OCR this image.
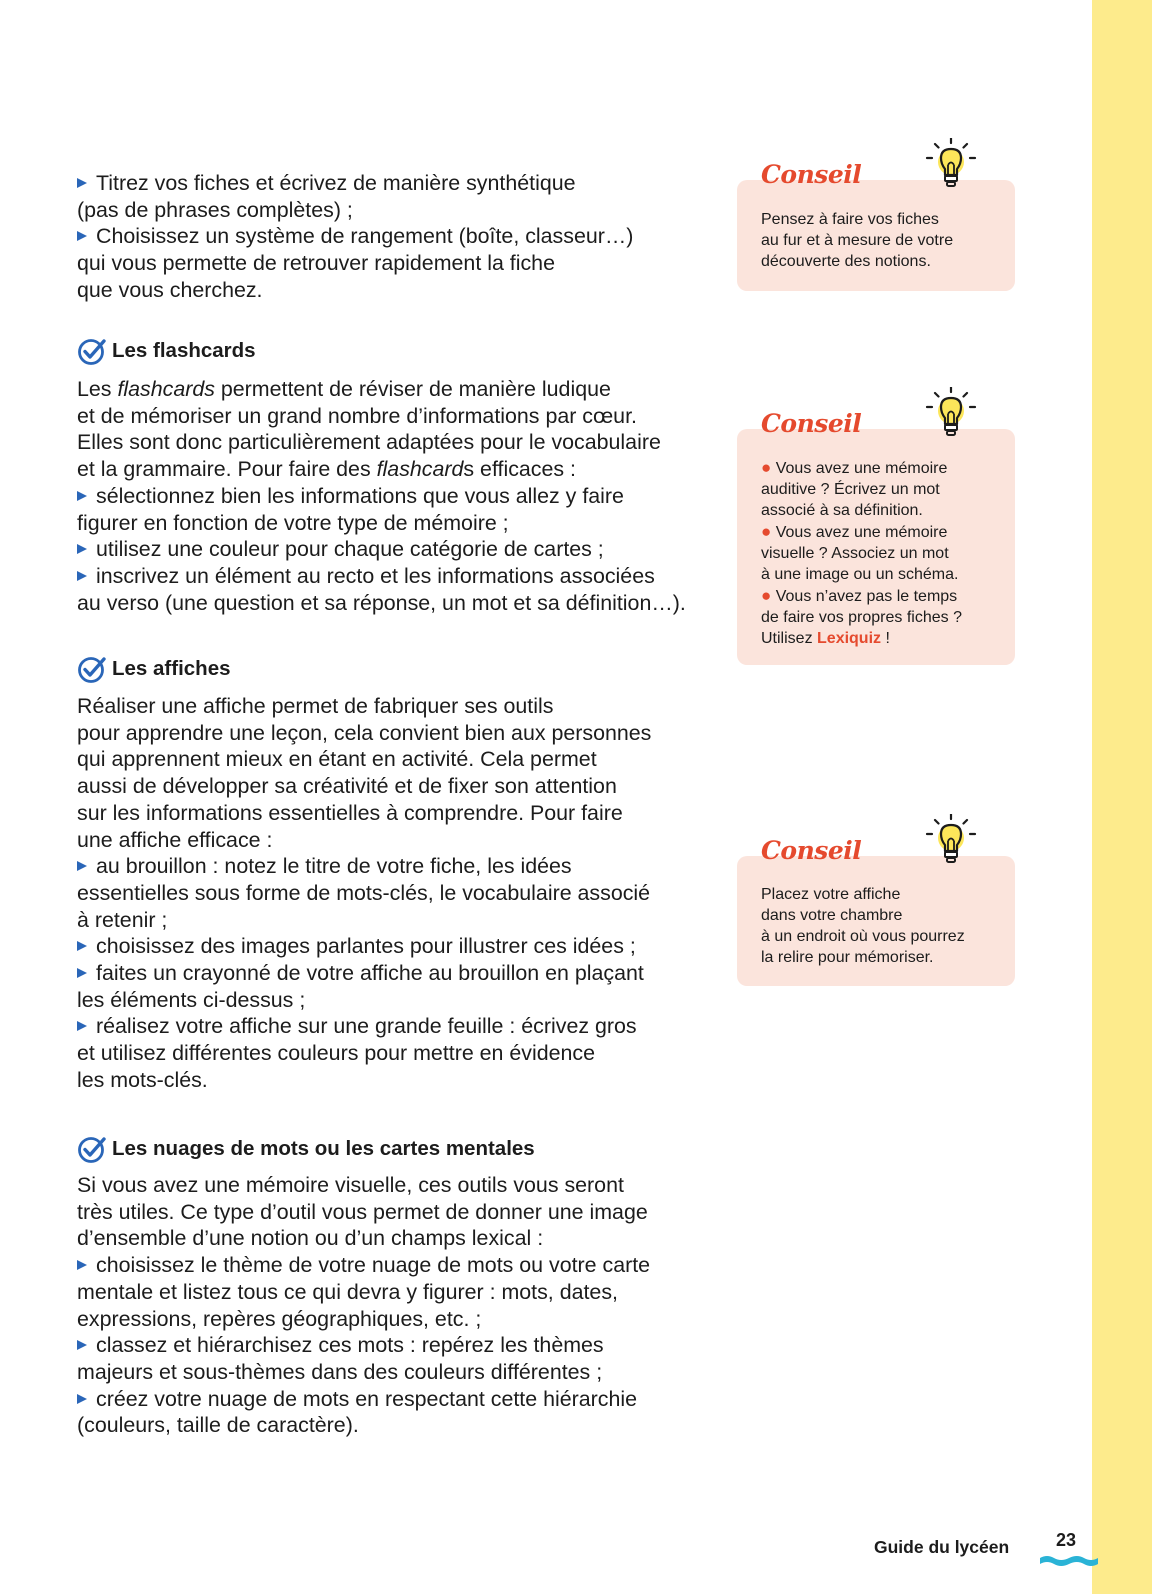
Titrez vos fiches et écrivez de manière synthétique
(pas de phrases complètes) ;
Choisissez un système de rangement (boîte, classeur…)
qui vous permette de retrouver rapidement la fiche
que vous cherchez.
Les flashcards
Les flashcards permettent de réviser de manière ludique
et de mémoriser un grand nombre d’informations par cœur.
Elles sont donc particulièrement adaptées pour le vocabulaire
et la grammaire. Pour faire des flashcards efficaces :
sélectionnez bien les informations que vous allez y faire
figurer en fonction de votre type de mémoire ;
utilisez une couleur pour chaque catégorie de cartes ;
inscrivez un élément au recto et les informations associées
au verso (une question et sa réponse, un mot et sa définition…).
Les affiches
Réaliser une affiche permet de fabriquer ses outils
pour apprendre une leçon, cela convient bien aux personnes
qui apprennent mieux en étant en activité. Cela permet
aussi de développer sa créativité et de fixer son attention
sur les informations essentielles à comprendre. Pour faire
une affiche efficace :
au brouillon : notez le titre de votre fiche, les idées
essentielles sous forme de mots-clés, le vocabulaire associé
à retenir ;
choisissez des images parlantes pour illustrer ces idées ;
faites un crayonné de votre affiche au brouillon en plaçant
les éléments ci-dessus ;
réalisez votre affiche sur une grande feuille : écrivez gros
et utilisez différentes couleurs pour mettre en évidence
les mots-clés.
Les nuages de mots ou les cartes mentales
Si vous avez une mémoire visuelle, ces outils vous seront
très utiles. Ce type d’outil vous permet de donner une image
d’ensemble d’une notion ou d’un champs lexical :
choisissez le thème de votre nuage de mots ou votre carte
mentale et listez tous ce qui devra y figurer : mots, dates,
expressions, repères géographiques, etc. ;
classez et hiérarchisez ces mots : repérez les thèmes
majeurs et sous-thèmes dans des couleurs différentes ;
créez votre nuage de mots en respectant cette hiérarchie
(couleurs, taille de caractère).
Conseil
Pensez à faire vos fiches
au fur et à mesure de votre
découverte des notions.
Conseil
● Vous avez une mémoire
auditive ? Écrivez un mot
associé à sa définition.
● Vous avez une mémoire
visuelle ? Associez un mot
à une image ou un schéma.
● Vous n’avez pas le temps
de faire vos propres fiches ?
Utilisez Lexiquiz !
Conseil
Placez votre affiche
dans votre chambre
à un endroit où vous pourrez
la relire pour mémoriser.
Guide du lycéen	23
